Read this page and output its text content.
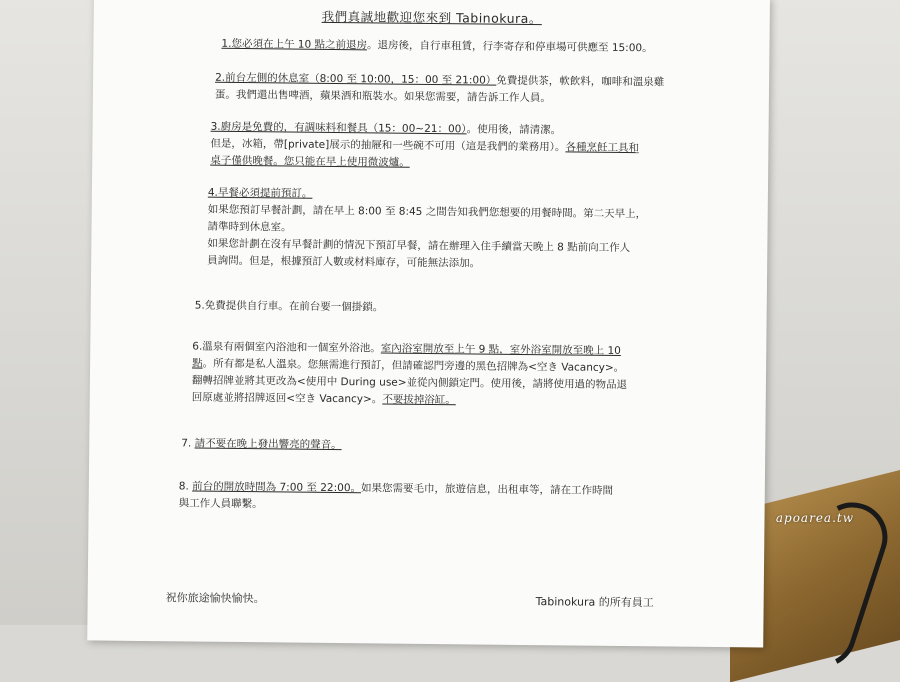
我們真誠地歡迎您來到 Tabinokura。
1.您必須在上午 10 點之前退房。退房後，自行車租賃，行李寄存和停車場可供應至 15:00。
2.前台左側的休息室（8:00 至 10:00，15：00 至 21:00）免費提供茶，軟飲料，咖啡和溫泉雞
蛋。我們還出售啤酒，蘋果酒和瓶裝水。如果您需要，請告訴工作人員。
3.廚房是免費的，有調味料和餐具（15：00~21：00）。使用後，請清潔。
但是，冰箱，帶[private]展示的抽屜和一些碗不可用（這是我們的業務用）。各種烹飪工具和
桌子僅供晚餐。您只能在早上使用微波爐。
4.早餐必須提前預訂。
如果您預訂早餐計劃，請在早上 8:00 至 8:45 之間告知我們您想要的用餐時間。第二天早上，
請準時到休息室。
如果您計劃在沒有早餐計劃的情況下預訂早餐，請在辦理入住手續當天晚上 8 點前向工作人
員詢問。但是，根據預訂人數或材料庫存，可能無法添加。
5.免費提供自行車。在前台要一個掛鎖。
6.溫泉有兩個室內浴池和一個室外浴池。室內浴室開放至上午 9 點，室外浴室開放至晚上 10
點。所有都是私人溫泉。您無需進行預訂，但請確認門旁邊的黑色招牌為<空き Vacancy>。
翻轉招牌並將其更改為<使用中 During use>並從內側鎖定門。使用後，請將使用過的物品退
回原處並將招牌返回<空き Vacancy>。不要拔掉浴缸。
7. 請不要在晚上發出響亮的聲音。
8. 前台的開放時間為 7:00 至 22:00。如果您需要毛巾，旅遊信息，出租車等，請在工作時間
與工作人員聯繫。
祝你旅途愉快愉快。	Tabinokura 的所有員工
apoarea.tw
